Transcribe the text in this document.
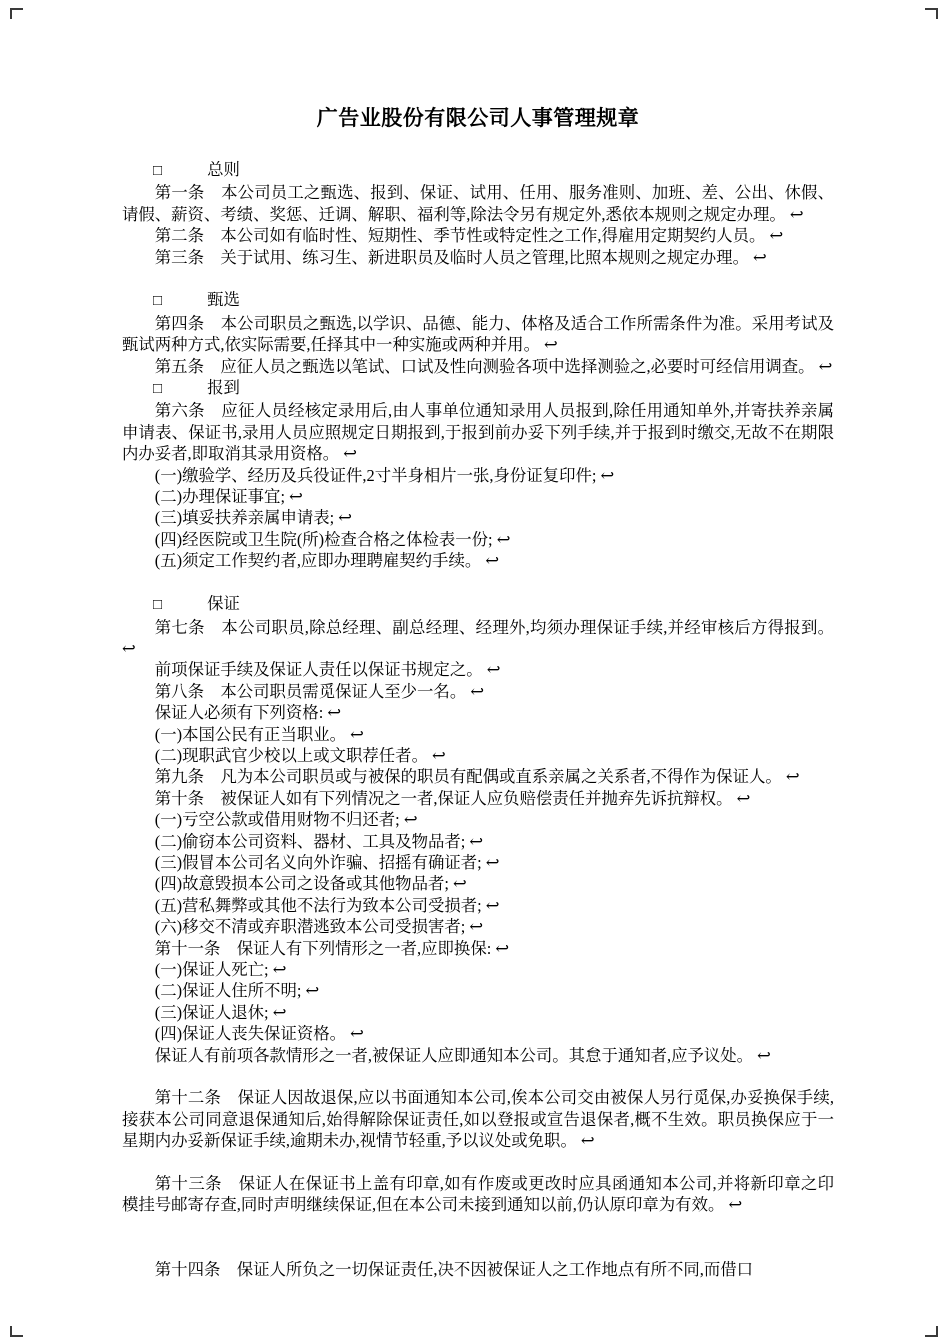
广告业股份有限公司人事管理规章
□	总则
第一条　本公司员工之甄选、报到、保证、试用、任用、服务准则、加班、差、公出、休假、请假、薪资、考绩、奖惩、迁调、解职、福利等,除法令另有规定外,悉依本规则之规定办理。 ↩
第二条　本公司如有临时性、短期性、季节性或特定性之工作,得雇用定期契约人员。 ↩
第三条　关于试用、练习生、新进职员及临时人员之管理,比照本规则之规定办理。 ↩
□	甄选
第四条　本公司职员之甄选,以学识、品德、能力、体格及适合工作所需条件为准。采用考试及甄试两种方式,依实际需要,任择其中一种实施或两种并用。 ↩
第五条　应征人员之甄选以笔试、口试及性向测验各项中选择测验之,必要时可经信用调查。 ↩
□	报到
第六条　应征人员经核定录用后,由人事单位通知录用人员报到,除任用通知单外,并寄扶养亲属申请表、保证书,录用人员应照规定日期报到,于报到前办妥下列手续,并于报到时缴交,无故不在期限内办妥者,即取消其录用资格。 ↩
(一)缴验学、经历及兵役证件,2寸半身相片一张,身份证复印件; ↩
(二)办理保证事宜; ↩
(三)填妥扶养亲属申请表; ↩
(四)经医院或卫生院(所)检查合格之体检表一份; ↩
(五)须定工作契约者,应即办理聘雇契约手续。 ↩
□	保证
第七条　本公司职员,除总经理、副总经理、经理外,均须办理保证手续,并经审核后方得报到。 ↩
前项保证手续及保证人责任以保证书规定之。 ↩
第八条　本公司职员需觅保证人至少一名。 ↩
保证人必须有下列资格: ↩
(一)本国公民有正当职业。 ↩
(二)现职武官少校以上或文职荐任者。 ↩
第九条　凡为本公司职员或与被保的职员有配偶或直系亲属之关系者,不得作为保证人。 ↩
第十条　被保证人如有下列情况之一者,保证人应负赔偿责任并抛弃先诉抗辩权。 ↩
(一)亏空公款或借用财物不归还者; ↩
(二)偷窃本公司资料、器材、工具及物品者; ↩
(三)假冒本公司名义向外诈骗、招摇有确证者; ↩
(四)故意毁损本公司之设备或其他物品者; ↩
(五)营私舞弊或其他不法行为致本公司受损者; ↩
(六)移交不清或弃职潜逃致本公司受损害者; ↩
第十一条　保证人有下列情形之一者,应即换保: ↩
(一)保证人死亡; ↩
(二)保证人住所不明; ↩
(三)保证人退休; ↩
(四)保证人丧失保证资格。 ↩
保证人有前项各款情形之一者,被保证人应即通知本公司。其怠于通知者,应予议处。 ↩
第十二条　保证人因故退保,应以书面通知本公司,俟本公司交由被保人另行觅保,办妥换保手续,接获本公司同意退保通知后,始得解除保证责任,如以登报或宣告退保者,概不生效。职员换保应于一星期内办妥新保证手续,逾期未办,视情节轻重,予以议处或免职。 ↩
第十三条　保证人在保证书上盖有印章,如有作废或更改时应具函通知本公司,并将新印章之印模挂号邮寄存查,同时声明继续保证,但在本公司未接到通知以前,仍认原印章为有效。 ↩
第十四条　保证人所负之一切保证责任,决不因被保证人之工作地点有所不同,而借口
